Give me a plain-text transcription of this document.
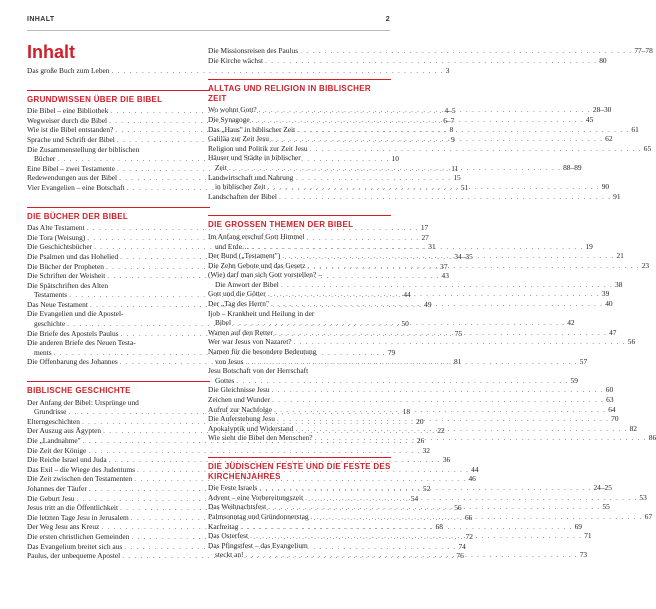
INHALT	2
Inhalt
Das große Buch zum Leben . . .	3
GRUNDWISSEN ÜBER DIE BIBEL
Die Bibel – eine Bibliothek . . .	4–5
Wegweiser durch die Bibel . . .	6–7
Wie ist die Bibel entstanden? . . .	8
Sprache und Schrift der Bibel . . .	9
Die Zusammenstellung der biblischen
Bücher . . .	10
Eine Bibel – zwei Testamente . . .	11
Redewendungen aus der Bibel . . .	15
Vier Evangelien – eine Botschaft . . .	51
DIE BÜCHER DER BIBEL
Das Alte Testament . . .	17
Die Tora (Weisung) . . .	27
Die Geschichtsbücher . . .	31
Die Psalmen und das Hohelied . . .	34–35
Die Bücher der Propheten . . .	37
Die Schriften der Weisheit . . .	43
Die Spätschriften des Alten
Testaments . . .	44
Das Neue Testament . . .	49
Die Evangelien und die Apostel-
geschichte . . .	50
Die Briefe des Apostels Paulus . . .	75
Die anderen Briefe des Neuen Testa-
ments . . .	79
Die Offenbarung des Johannes . . .	81
BIBLISCHE GESCHICHTE
Der Anfang der Bibel: Ursprünge und
Grundrisse . . .	18
Elterngeschichten . . .	20
Der Auszug aus Ägypten . . .	22
Die „Landnahme" . . .	26
Die Zeit der Könige . . .	32
Die Reiche Israel und Juda . . .	36
Das Exil – die Wiege des Judentums . . .	44
Die Zeit zwischen den Testamenten . . .	46
Johannes der Täufer . . .	52
Die Geburt Jesu . . .	54
Jesus tritt an die Öffentlichkeit . . .	56
Die letzten Tage Jesu in Jerusalem . . .	66
Der Weg Jesu ans Kreuz . . .	68
Die ersten christlichen Gemeinden . . .	72
Das Evangelium breitet sich aus . . .	74
Paulus, der unbequeme Apostel . . .	76
Die Missionsreisen des Paulus . . .	77–78
Die Kirche wächst . . .	80
ALLTAG UND RELIGION IN BIBLISCHER ZEIT
Wo wohnt Gott? . . .	28–30
Die Synagoge . . .	45
Das „Haus" in biblischer Zeit . . .	61
Galiläa zur Zeit Jesu . . .	62
Religion und Politik zur Zeit Jesu . . .	65
Häuser und Städte in biblischer
Zeit . . .	88–89
Landwirtschaft und Nahrung
in biblischer Zeit . . .	90
Landschaften der Bibel . . .	91
DIE GROSSEN THEMEN DER BIBEL
Im Anfang erschuf Gott Himmel
und Erde… . . .	19
Der Bund („Testament") . . .	21
Die Zehn Gebote und das Gesetz . . .	23
(Wie) darf man sich Gott vorstellen? –
Die Anwort der Bibel . . .	38
Gott und die Götter . . .	39
Der „Tag des Herrn" . . .	40
Ijob – Krankheit und Heilung in der
Bibel . . .	42
Warten auf den Retter . . .	47
Wer war Jesus von Nazaret? . . .	56
Namen für die besondere Bedeutung
von Jesus . . .	57
Jesu Botschaft von der Herrschaft
Gottes . . .	59
Die Gleichnisse Jesu . . .	60
Zeichen und Wunder . . .	63
Aufruf zur Nachfolge . . .	64
Die Auferstehung Jesu . . .	70
Apokalyptik und Widerstand . . .	82
Wie sieht die Bibel den Menschen? . . .	86
DIE JÜDISCHEN FESTE UND DIE FESTE DES KIRCHENJAHRES
Die Feste Israels . . .	24–25
Advent – eine Vorbereitungszeit . . .	53
Das Weihnachtsfest . . .	55
Palmsonntag und Gründonnerstag . . .	67
Karfreitag . . .	69
Das Osterfest . . .	71
Das Pfingstfest – das Evangelium
steckt an! . . .	73
